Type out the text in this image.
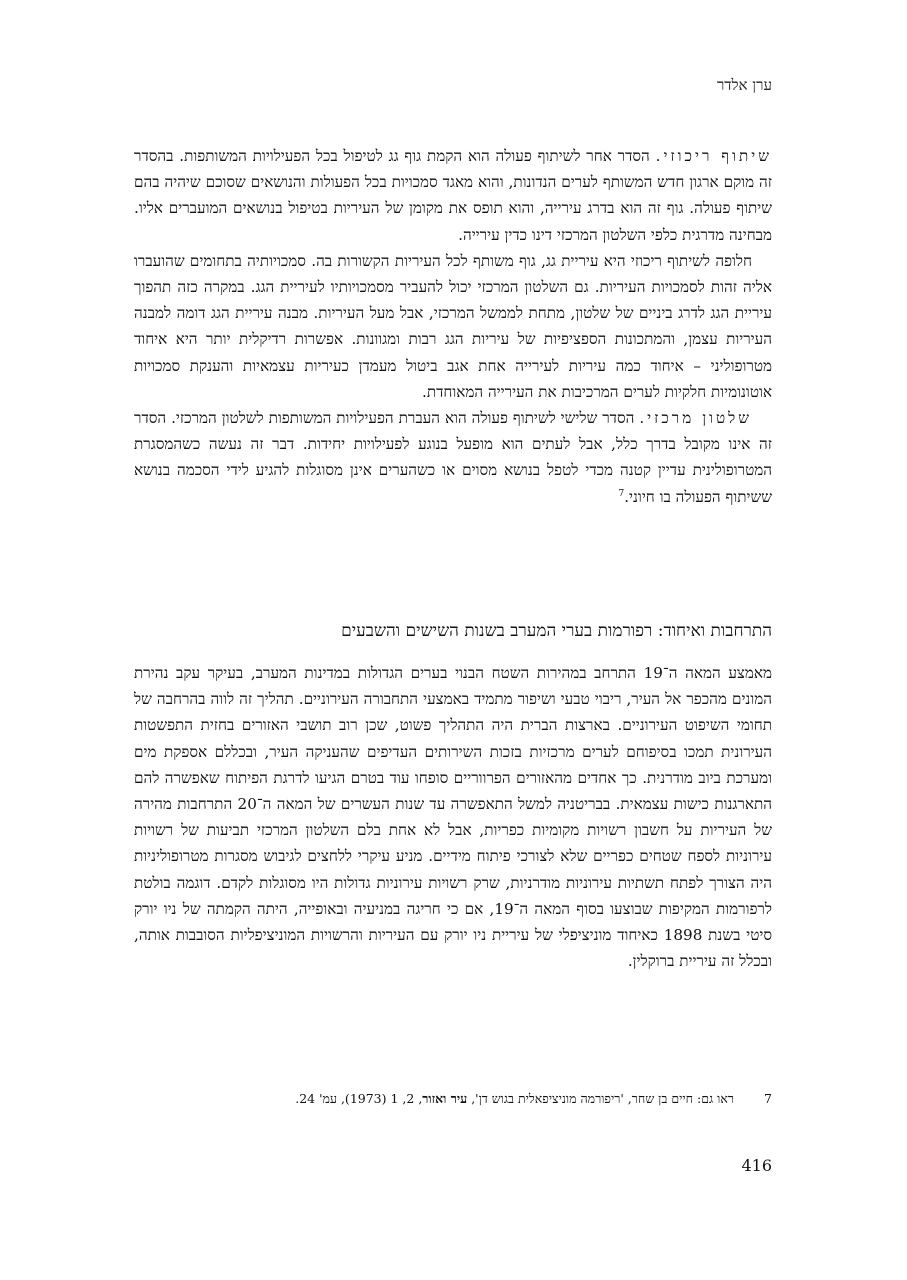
ערן אלדר

שיתוף ריכוזי. הסדר אחר לשיתוף פעולה הוא הקמת גוף גג לטיפול בכל הפעילויות המשותפות. בהסדר זה מוקם ארגון חדש המשותף לערים הנדונות, והוא מאגד סמכויות בכל הפעולות והנושאים שסוכם שיהיה בהם שיתוף פעולה. גוף זה הוא בדרג עירייה, והוא תופס את מקומן של העיריות בטיפול בנושאים המועברים אליו. מבחינה מדרגית כלפי השלטון המרכזי דינו כדין עירייה.

חלופה לשיתוף ריכוזי היא עיריית גג, גוף משותף לכל העיריות הקשורות בה. סמכויותיה בתחומים שהועברו אליה זהות לסמכויות העיריות. גם השלטון המרכזי יכול להעביר מסמכויותיו לעיריית הגג. במקרה כזה תהפוך עיריית הגג לדרג ביניים של שלטון, מתחת לממשל המרכזי, אבל מעל העיריות. מבנה עיריית הגג דומה למבנה העיריות עצמן, והמתכונות הספציפיות של עיריות הגג רבות ומגוונות. אפשרות רדיקלית יותר היא איחוד מטרופוליני – איחוד כמה עיריות לעירייה אחת אגב ביטול מעמדן כעיריות עצמאיות והענקת סמכויות אוטונומיות חלקיות לערים המרכיבות את העירייה המאוחדת.

שלטון מרכזי. הסדר שלישי לשיתוף פעולה הוא העברת הפעילויות המשותפות לשלטון המרכזי. הסדר זה אינו מקובל בדרך כלל, אבל לעתים הוא מופעל בנוגע לפעילויות יחידות. דבר זה נעשה כשהמסגרת המטרופולינית עדיין קטנה מכדי לטפל בנושא מסוים או כשהערים אינן מסוגלות להגיע לידי הסכמה בנושא ששיתוף הפעולה בו חיוני.$^7$

התרחבות ואיחוד: רפורמות בערי המערב בשנות השישים והשבעים

מאמצע המאה ה־19 התרחב במהירות השטח הבנוי בערים הגדולות במדינות המערב, בעיקר עקב נהירת המונים מהכפר אל העיר, ריבוי טבעי ושיפור מתמיד באמצעי התחבורה העירוניים. תהליך זה לווה בהרחבה של תחומי השיפוט העירוניים. בארצות הברית היה התהליך פשוט, שכן רוב תושבי האזורים בחזית התפשטות העירונית תמכו בסיפוחם לערים מרכזיות בזכות השירותים העדיפים שהעניקה העיר, ובכללם אספקת מים ומערכת ביוב מודרנית. כך אחדים מהאזורים הפרווריים סופחו עוד בטרם הגיעו לדרגת הפיתוח שאפשרה להם התארגנות כישות עצמאית. בבריטניה למשל התאפשרה עד שנות העשרים של המאה ה־20 התרחבות מהירה של העיריות על חשבון רשויות מקומיות כפריות, אבל לא אחת בלם השלטון המרכזי תביעות של רשויות עירוניות לספח שטחים כפריים שלא לצורכי פיתוח מידיים. מניע עיקרי ללחצים לגיבוש מסגרות מטרופוליניות היה הצורך לפתח תשתיות עירוניות מודרניות, שרק רשויות עירוניות גדולות היו מסוגלות לקדם. דוגמה בולטת לרפורמות המקיפות שבוצעו בסוף המאה ה־19, אם כי חריגה במניעיה ובאופייה, היתה הקמתה של ניו יורק סיטי בשנת 1898 כאיחוד מוניציפלי של עיריית ניו יורק עם העיריות והרשויות המוניציפליות הסובבות אותה, ובכלל זה עיריית ברוקלין.

7ראו גם: חיים בן שחר, 'ריפורמה מוניציפאלית בגוש דן', עיר ואזור, 2, 1 (1973), עמ' 24.
416
